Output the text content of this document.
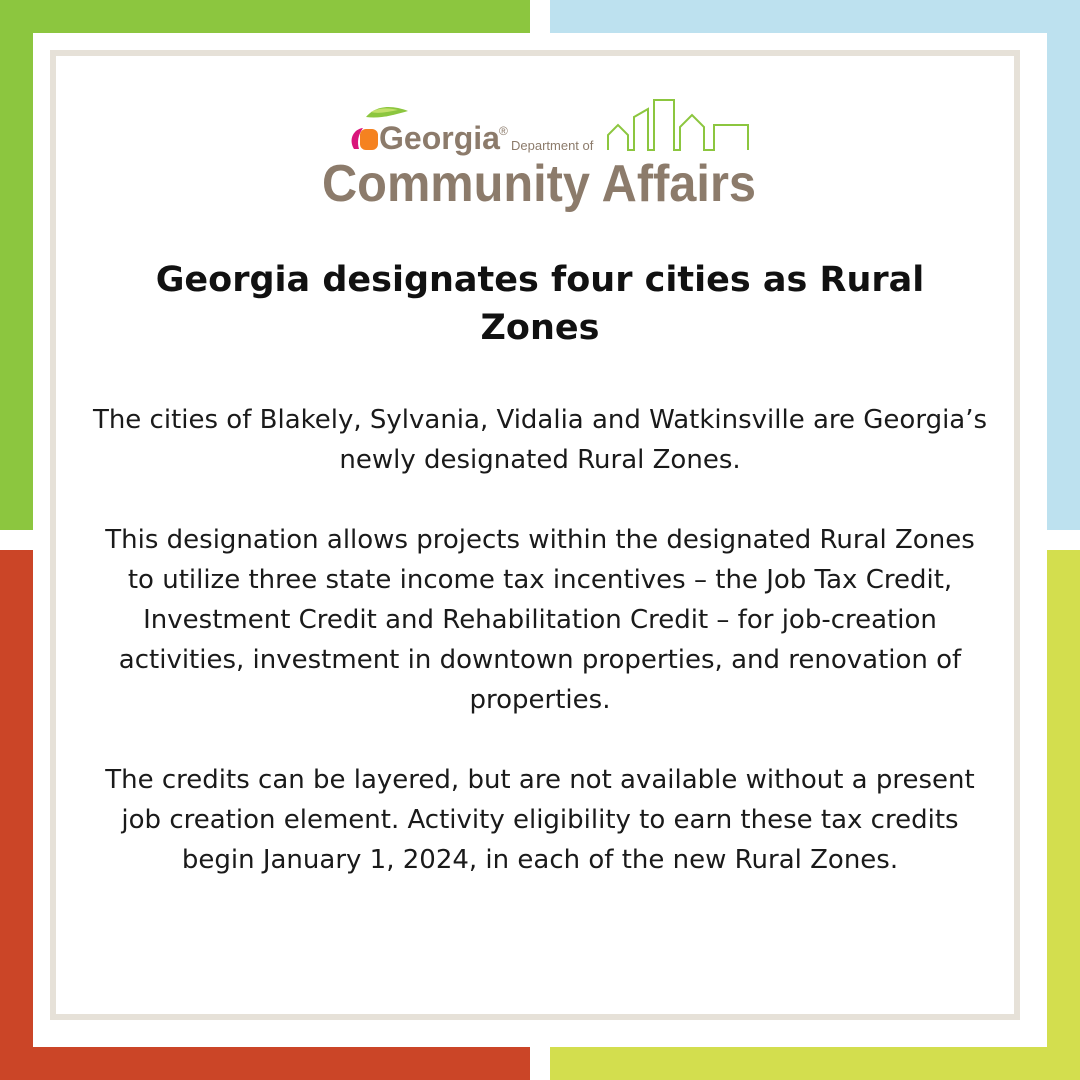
Georgia ®
Department of
Community Affairs
Georgia designates four cities as Rural Zones

The cities of Blakely, Sylvania, Vidalia and Watkinsville are Georgia’s newly designated Rural Zones.

This designation allows projects within the designated Rural Zones to utilize three state income tax incentives – the Job Tax Credit, Investment Credit and Rehabilitation Credit – for job-creation activities, investment in downtown properties, and renovation of properties.

The credits can be layered, but are not available without a present job creation element. Activity eligibility to earn these tax credits begin January 1, 2024, in each of the new Rural Zones.
